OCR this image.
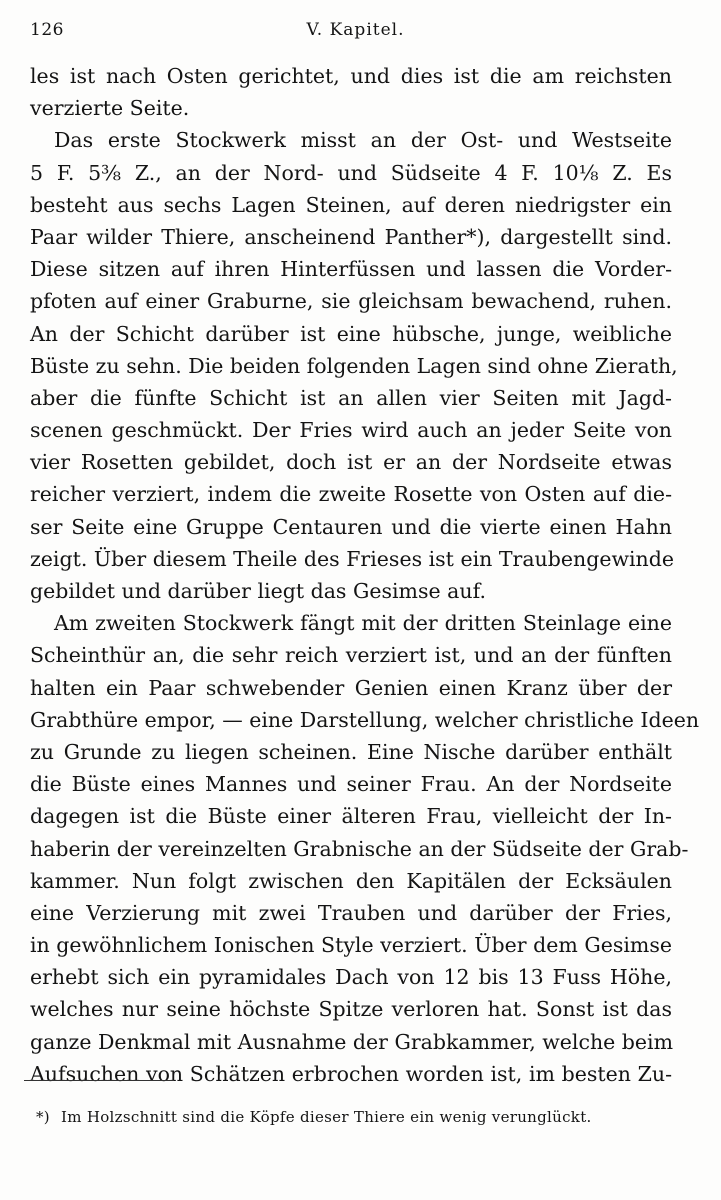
126	V. Kapitel.
les ist nach Osten gerichtet, und dies ist die am reichsten
verzierte Seite.
Das erste Stockwerk misst an der Ost- und Westseite
5 F. 5⅜ Z., an der Nord- und Südseite 4 F. 10⅛ Z. Es
besteht aus sechs Lagen Steinen, auf deren niedrigster ein
Paar wilder Thiere, anscheinend Panther*), dargestellt sind.
Diese sitzen auf ihren Hinterfüssen und lassen die Vorder-
pfoten auf einer Graburne, sie gleichsam bewachend, ruhen.
An der Schicht darüber ist eine hübsche, junge, weibliche
Büste zu sehn. Die beiden folgenden Lagen sind ohne Zierath,
aber die fünfte Schicht ist an allen vier Seiten mit Jagd-
scenen geschmückt. Der Fries wird auch an jeder Seite von
vier Rosetten gebildet, doch ist er an der Nordseite etwas
reicher verziert, indem die zweite Rosette von Osten auf die-
ser Seite eine Gruppe Centauren und die vierte einen Hahn
zeigt. Über diesem Theile des Frieses ist ein Traubengewinde
gebildet und darüber liegt das Gesimse auf.
Am zweiten Stockwerk fängt mit der dritten Steinlage eine
Scheinthür an, die sehr reich verziert ist, und an der fünften
halten ein Paar schwebender Genien einen Kranz über der
Grabthüre empor, — eine Darstellung, welcher christliche Ideen
zu Grunde zu liegen scheinen. Eine Nische darüber enthält
die Büste eines Mannes und seiner Frau. An der Nordseite
dagegen ist die Büste einer älteren Frau, vielleicht der In-
haberin der vereinzelten Grabnische an der Südseite der Grab-
kammer. Nun folgt zwischen den Kapitälen der Ecksäulen
eine Verzierung mit zwei Trauben und darüber der Fries,
in gewöhnlichem Ionischen Style verziert. Über dem Gesimse
erhebt sich ein pyramidales Dach von 12 bis 13 Fuss Höhe,
welches nur seine höchste Spitze verloren hat. Sonst ist das
ganze Denkmal mit Ausnahme der Grabkammer, welche beim
Aufsuchen von Schätzen erbrochen worden ist, im besten Zu-
*) Im Holzschnitt sind die Köpfe dieser Thiere ein wenig verunglückt.
